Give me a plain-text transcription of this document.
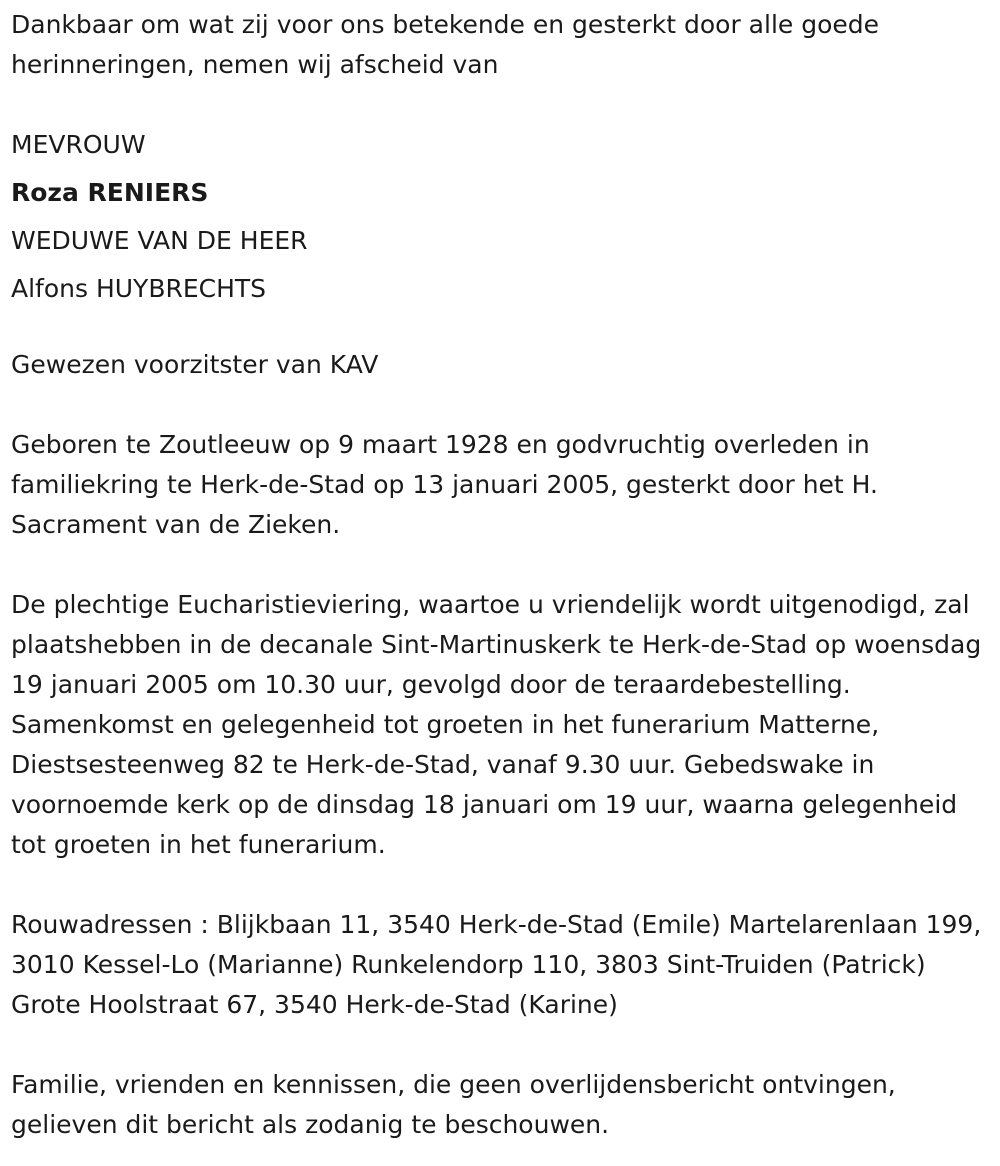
Dankbaar om wat zij voor ons betekende en gesterkt door alle goede herinneringen, nemen wij afscheid van

MEVROUW
Roza RENIERS
WEDUWE VAN DE HEER
Alfons HUYBRECHTS

Gewezen voorzitster van KAV

Geboren te Zoutleeuw op 9 maart 1928 en godvruchtig overleden in familiekring te Herk-de-Stad op 13 januari 2005, gesterkt door het H. Sacrament van de Zieken.

De plechtige Eucharistieviering, waartoe u vriendelijk wordt uitgenodigd, zal plaatshebben in de decanale Sint-Martinuskerk te Herk-de-Stad op woensdag 19 januari 2005 om 10.30 uur, gevolgd door de teraardebestelling. Samenkomst en gelegenheid tot groeten in het funerarium Matterne, Diestsesteenweg 82 te Herk-de-Stad, vanaf 9.30 uur. Gebedswake in voornoemde kerk op de dinsdag 18 januari om 19 uur, waarna gelegenheid tot groeten in het funerarium.

Rouwadressen : Blijkbaan 11, 3540 Herk-de-Stad (Emile) Martelarenlaan 199, 3010 Kessel-Lo (Marianne) Runkelendorp 110, 3803 Sint-Truiden (Patrick) Grote Hoolstraat 67, 3540 Herk-de-Stad (Karine)

Familie, vrienden en kennissen, die geen overlijdensbericht ontvingen, gelieven dit bericht als zodanig te beschouwen.
